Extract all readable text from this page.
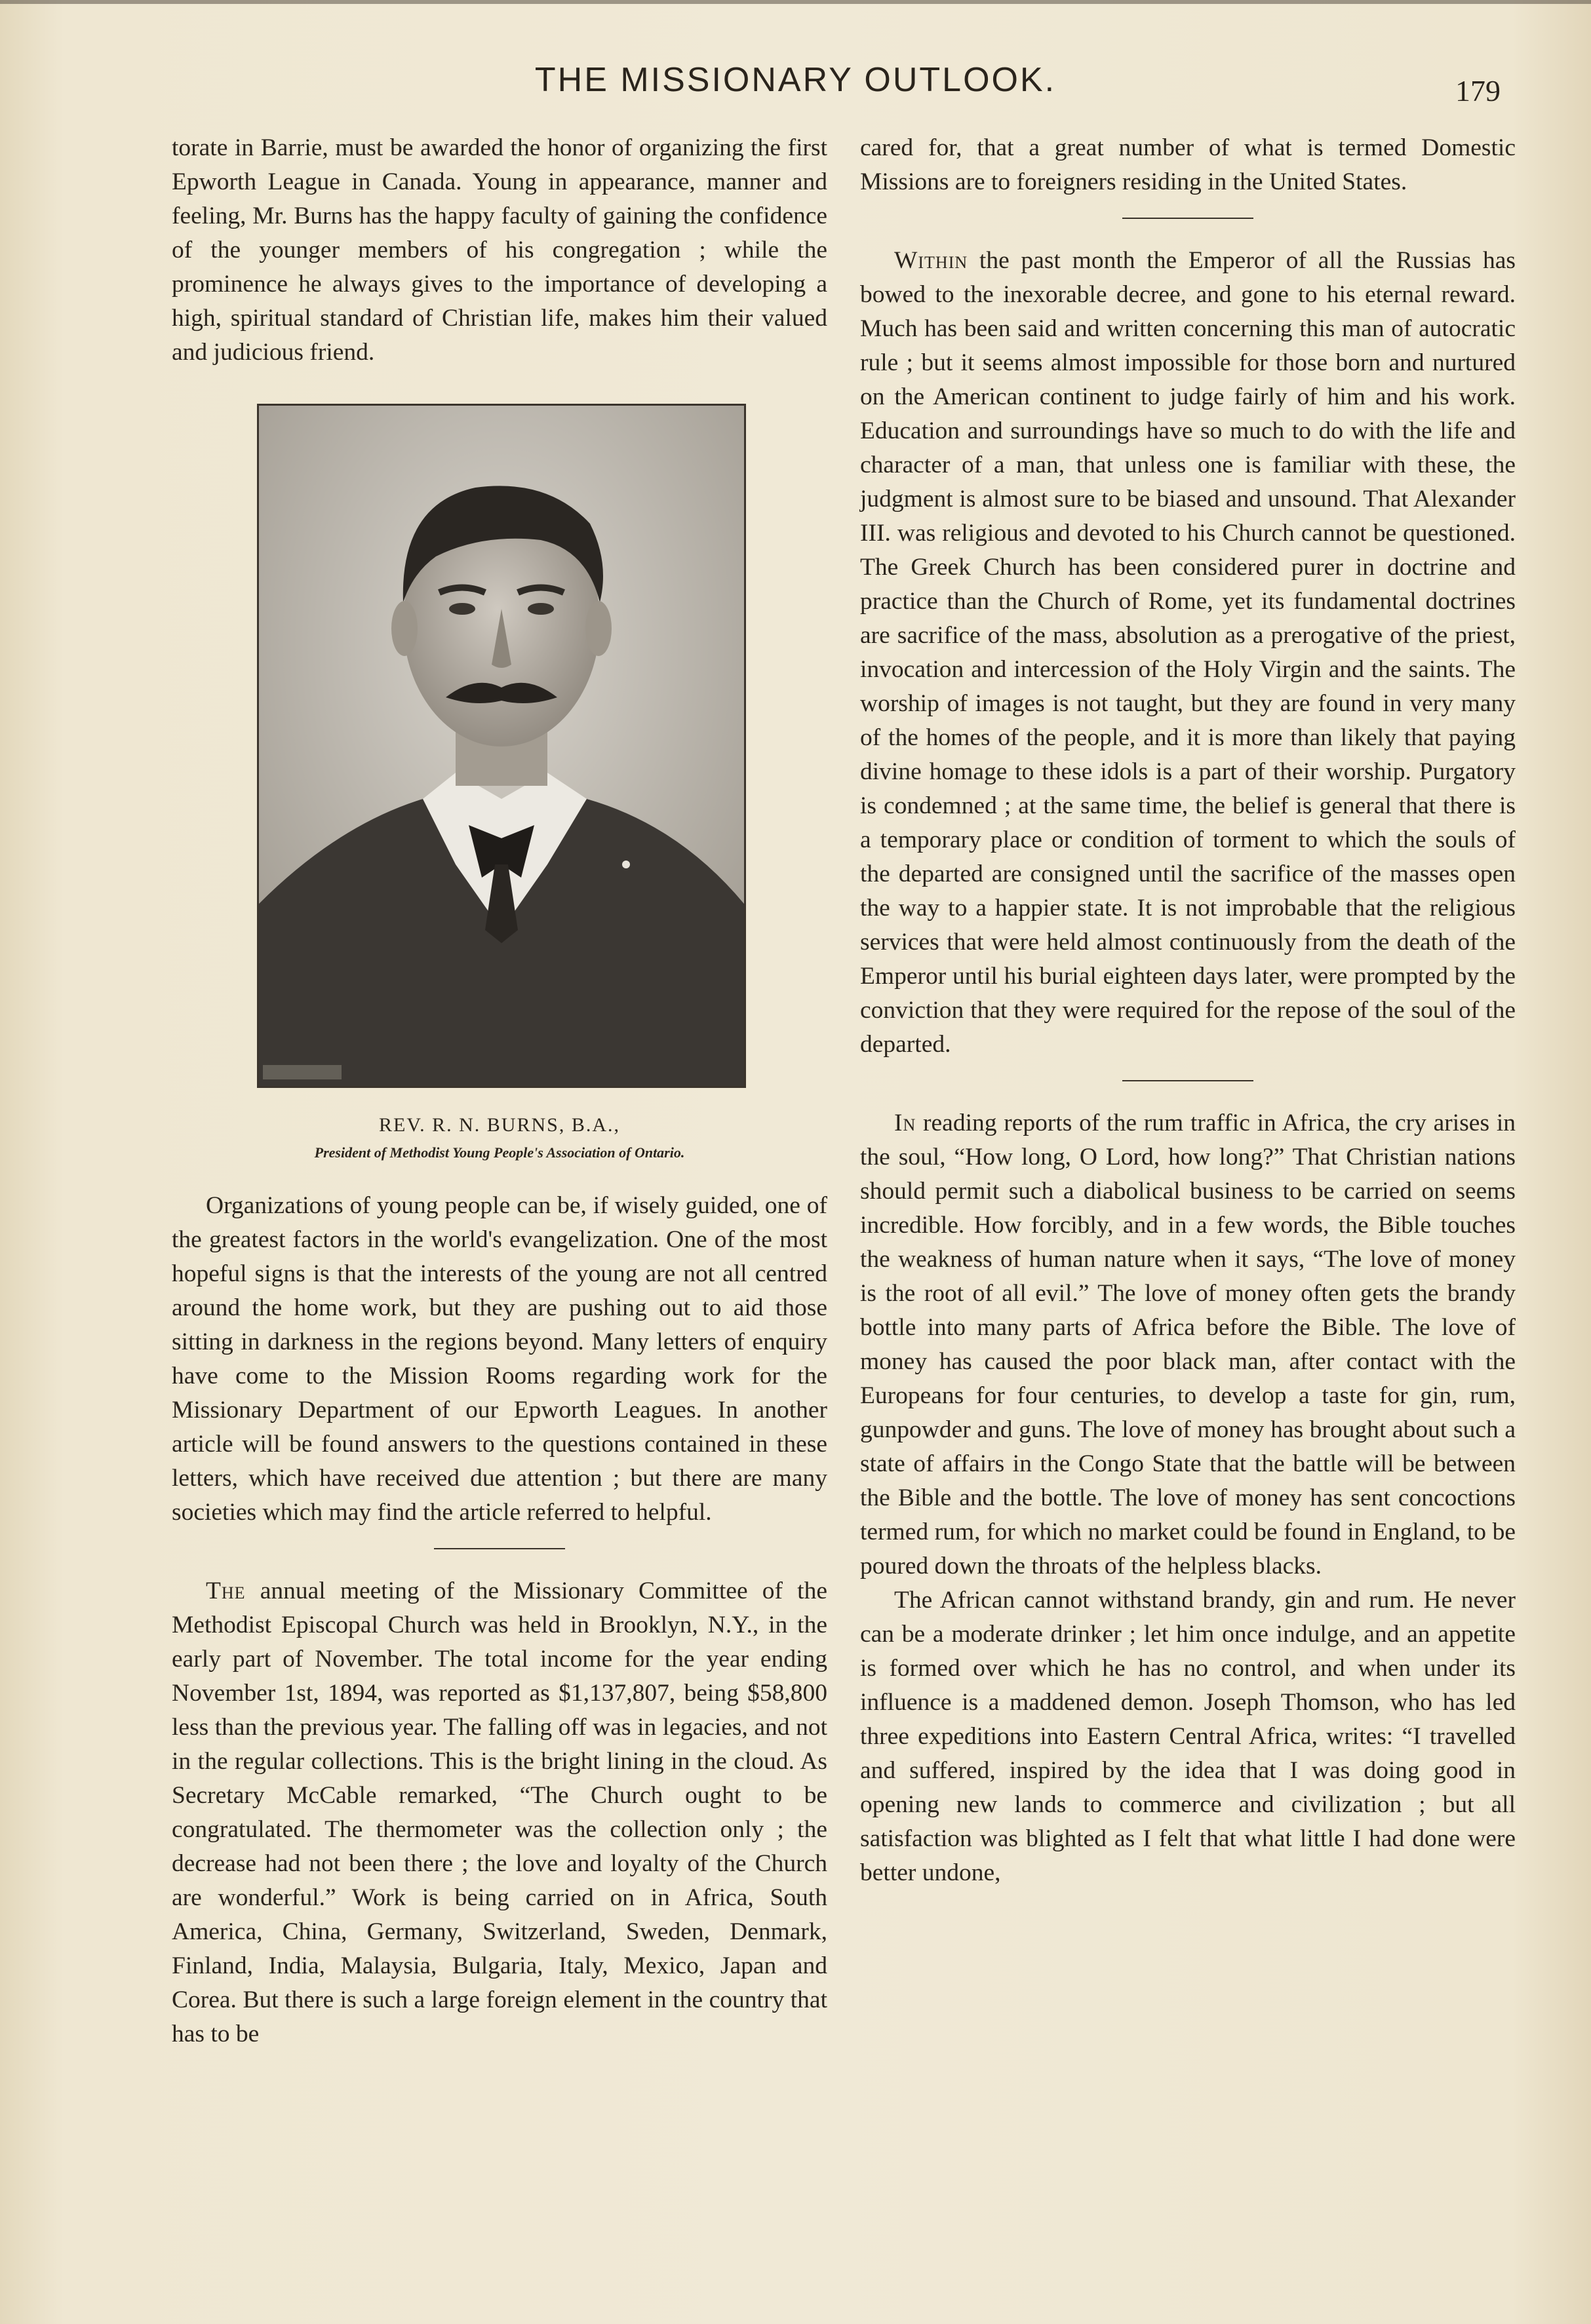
THE MISSIONARY OUTLOOK.	179

torate in Barrie, must be awarded the honor of organizing the first Epworth League in Canada. Young in appearance, manner and feeling, Mr. Burns has the happy faculty of gaining the confidence of the younger members of his congregation ; while the prominence he always gives to the importance of developing a high, spiritual standard of Christian life, makes him their valued and judicious friend.

REV. R. N. BURNS, B.A.,
President of Methodist Young People's Association of Ontario.

Organizations of young people can be, if wisely guided, one of the greatest factors in the world's evangelization. One of the most hopeful signs is that the interests of the young are not all centred around the home work, but they are pushing out to aid those sitting in darkness in the regions beyond. Many letters of enquiry have come to the Mission Rooms regarding work for the Missionary Department of our Epworth Leagues. In another article will be found answers to the questions contained in these letters, which have received due attention ; but there are many societies which may find the article referred to helpful.

The annual meeting of the Missionary Committee of the Methodist Episcopal Church was held in Brooklyn, N.Y., in the early part of November. The total income for the year ending November 1st, 1894, was reported as $1,137,807, being $58,800 less than the previous year. The falling off was in legacies, and not in the regular collections. This is the bright lining in the cloud. As Secretary McCable remarked, “The Church ought to be congratulated. The thermometer was the collection only ; the decrease had not been there ; the love and loyalty of the Church are wonderful.” Work is being carried on in Africa, South America, China, Germany, Switzerland, Sweden, Denmark, Finland, India, Malaysia, Bulgaria, Italy, Mexico, Japan and Corea. But there is such a large foreign element in the country that has to be

cared for, that a great number of what is termed Domestic Missions are to foreigners residing in the United States.

Within the past month the Emperor of all the Russias has bowed to the inexorable decree, and gone to his eternal reward. Much has been said and written concerning this man of autocratic rule ; but it seems almost impossible for those born and nurtured on the American continent to judge fairly of him and his work. Education and surroundings have so much to do with the life and character of a man, that unless one is familiar with these, the judgment is almost sure to be biased and unsound. That Alexander III. was religious and devoted to his Church cannot be questioned. The Greek Church has been considered purer in doctrine and practice than the Church of Rome, yet its fundamental doctrines are sacrifice of the mass, absolution as a prerogative of the priest, invocation and intercession of the Holy Virgin and the saints. The worship of images is not taught, but they are found in very many of the homes of the people, and it is more than likely that paying divine homage to these idols is a part of their worship. Purgatory is condemned ; at the same time, the belief is general that there is a temporary place or condition of torment to which the souls of the departed are consigned until the sacrifice of the masses open the way to a happier state. It is not improbable that the religious services that were held almost continuously from the death of the Emperor until his burial eighteen days later, were prompted by the conviction that they were required for the repose of the soul of the departed.

In reading reports of the rum traffic in Africa, the cry arises in the soul, “How long, O Lord, how long?” That Christian nations should permit such a diabolical business to be carried on seems incredible. How forcibly, and in a few words, the Bible touches the weakness of human nature when it says, “The love of money is the root of all evil.” The love of money often gets the brandy bottle into many parts of Africa before the Bible. The love of money has caused the poor black man, after contact with the Europeans for four centuries, to develop a taste for gin, rum, gunpowder and guns. The love of money has brought about such a state of affairs in the Congo State that the battle will be between the Bible and the bottle. The love of money has sent concoctions termed rum, for which no market could be found in England, to be poured down the throats of the helpless blacks.

The African cannot withstand brandy, gin and rum. He never can be a moderate drinker ; let him once indulge, and an appetite is formed over which he has no control, and when under its influence is a maddened demon. Joseph Thomson, who has led three expeditions into Eastern Central Africa, writes: “I travelled and suffered, inspired by the idea that I was doing good in opening new lands to commerce and civilization ; but all satisfaction was blighted as I felt that what little I had done were better undone,
